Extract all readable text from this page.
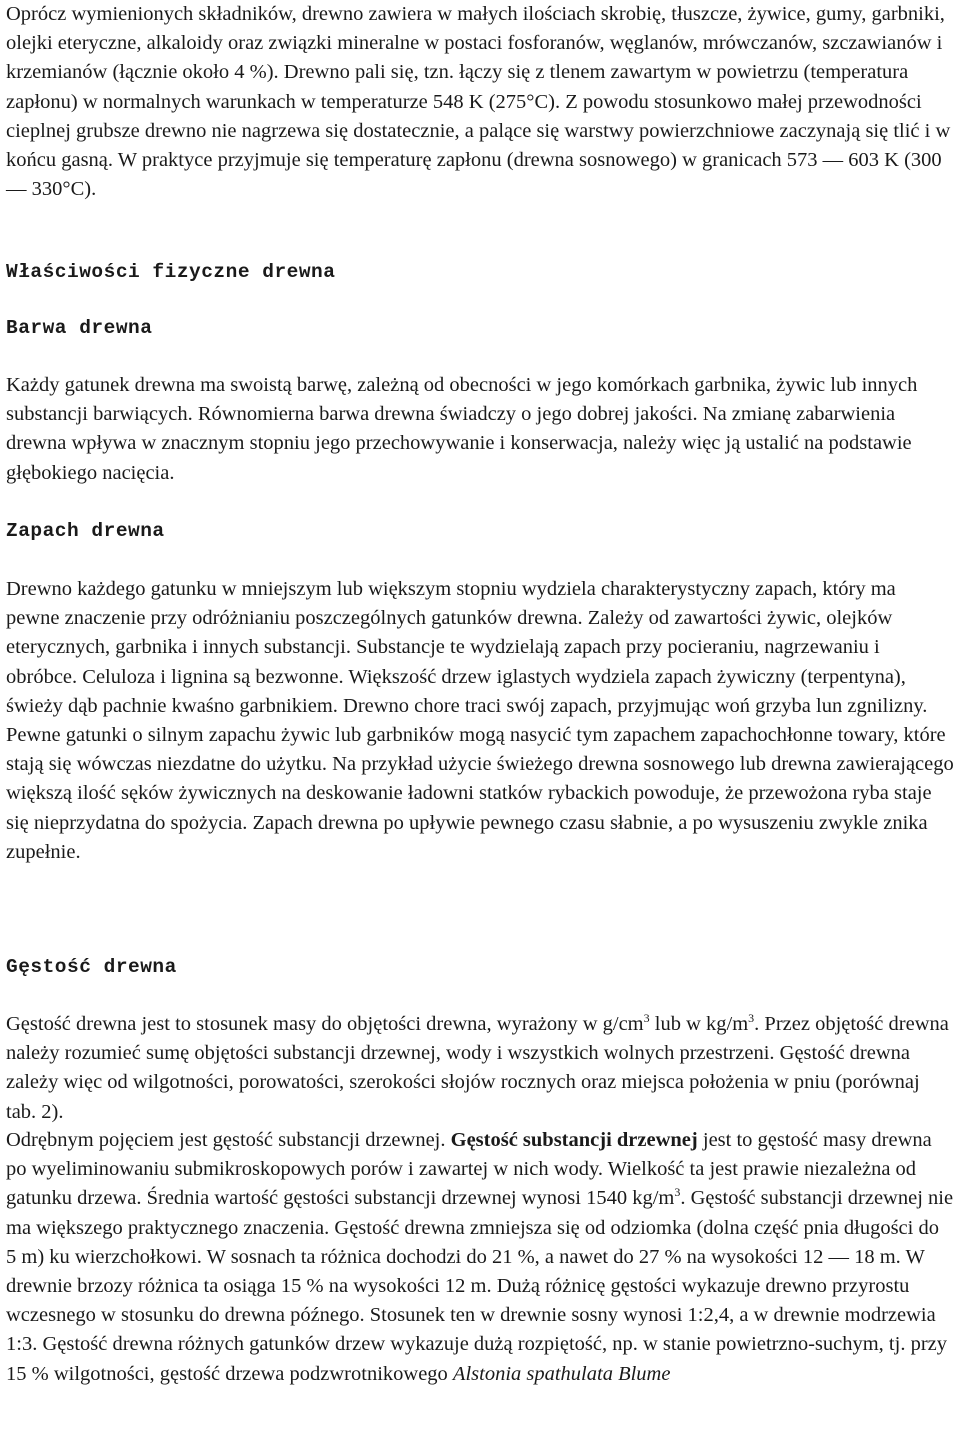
Oprócz wymienionych składników, drewno zawiera w małych ilościach skrobię, tłuszcze, żywice, gumy, garbniki, olejki eteryczne, alkaloidy oraz związki mineralne w postaci fosforanów, węglanów, mrówczanów, szczawianów i krzemianów (łącznie około 4 %). Drewno pali się, tzn. łączy się z tlenem zawartym w powietrzu (temperatura zapłonu) w normalnych warunkach w temperaturze 548 K (275°C). Z powodu stosunkowo małej przewodności cieplnej grubsze drewno nie nagrzewa się dostatecznie, a palące się warstwy powierzchniowe zaczynają się tlić i w końcu gasną. W praktyce przyjmuje się temperaturę zapłonu (drewna sosnowego) w granicach 573 — 603 K (300 — 330°C).

Właściwości fizyczne drewna
Barwa drewna

Każdy gatunek drewna ma swoistą barwę, zależną od obecności w jego komórkach garbnika, żywic lub innych substancji barwiących. Równomierna barwa drewna świadczy o jego dobrej jakości. Na zmianę zabarwienia drewna wpływa w znacznym stopniu jego przechowywanie i konserwacja, należy więc ją ustalić na podstawie głębokiego nacięcia.

Zapach drewna

Drewno każdego gatunku w mniejszym lub większym stopniu wydziela charakterystyczny zapach, który ma pewne znaczenie przy odróżnianiu poszczególnych gatunków drewna. Zależy od zawartości żywic, olejków eterycznych, garbnika i innych substancji. Substancje te wydzielają zapach przy pocieraniu, nagrzewaniu i obróbce. Celuloza i lignina są bezwonne. Większość drzew iglastych wydziela zapach żywiczny (terpentyna), świeży dąb pachnie kwaśno garbnikiem. Drewno chore traci swój zapach, przyjmując woń grzyba lun zgnilizny. Pewne gatunki o silnym zapachu żywic lub garbników mogą nasycić tym zapachem zapachochłonne towary, które stają się wówczas niezdatne do użytku. Na przykład użycie świeżego drewna sosnowego lub drewna zawierającego większą ilość sęków żywicznych na deskowanie ładowni statków rybackich powoduje, że przewożona ryba staje się nieprzydatna do spożycia. Zapach drewna po upływie pewnego czasu słabnie, a po wysuszeniu zwykle znika zupełnie.

Gęstość drewna

Gęstość drewna jest to stosunek masy do objętości drewna, wyrażony w $g/cm^3$ lub w $kg/m^3$. Przez objętość drewna należy rozumieć sumę objętości substancji drzewnej, wody i wszystkich wolnych przestrzeni. Gęstość drewna zależy więc od wilgotności, porowatości, szerokości słojów rocznych oraz miejsca położenia w pniu (porównaj tab. 2).

Odrębnym pojęciem jest gęstość substancji drzewnej. Gęstość substancji drzewnej jest to gęstość masy drewna po wyeliminowaniu submikroskopowych porów i zawartej w nich wody. Wielkość ta jest prawie niezależna od gatunku drzewa. Średnia wartość gęstości substancji drzewnej wynosi 1540 $kg/m^3$. Gęstość substancji drzewnej nie ma większego praktycznego znaczenia. Gęstość drewna zmniejsza się od odziomka (dolna część pnia długości do 5 m) ku wierzchołkowi. W sosnach ta różnica dochodzi do 21 %, a nawet do 27 % na wysokości 12 — 18 m. W drewnie brzozy różnica ta osiąga 15 % na wysokości 12 m. Dużą różnicę gęstości wykazuje drewno przyrostu wczesnego w stosunku do drewna późnego. Stosunek ten w drewnie sosny wynosi 1:2,4, a w drewnie modrzewia 1:3. Gęstość drewna różnych gatunków drzew wykazuje dużą rozpiętość, np. w stanie powietrzno-suchym, tj. przy 15 % wilgotności, gęstość drzewa podzwrotnikowego Alstonia spathulata Blume
